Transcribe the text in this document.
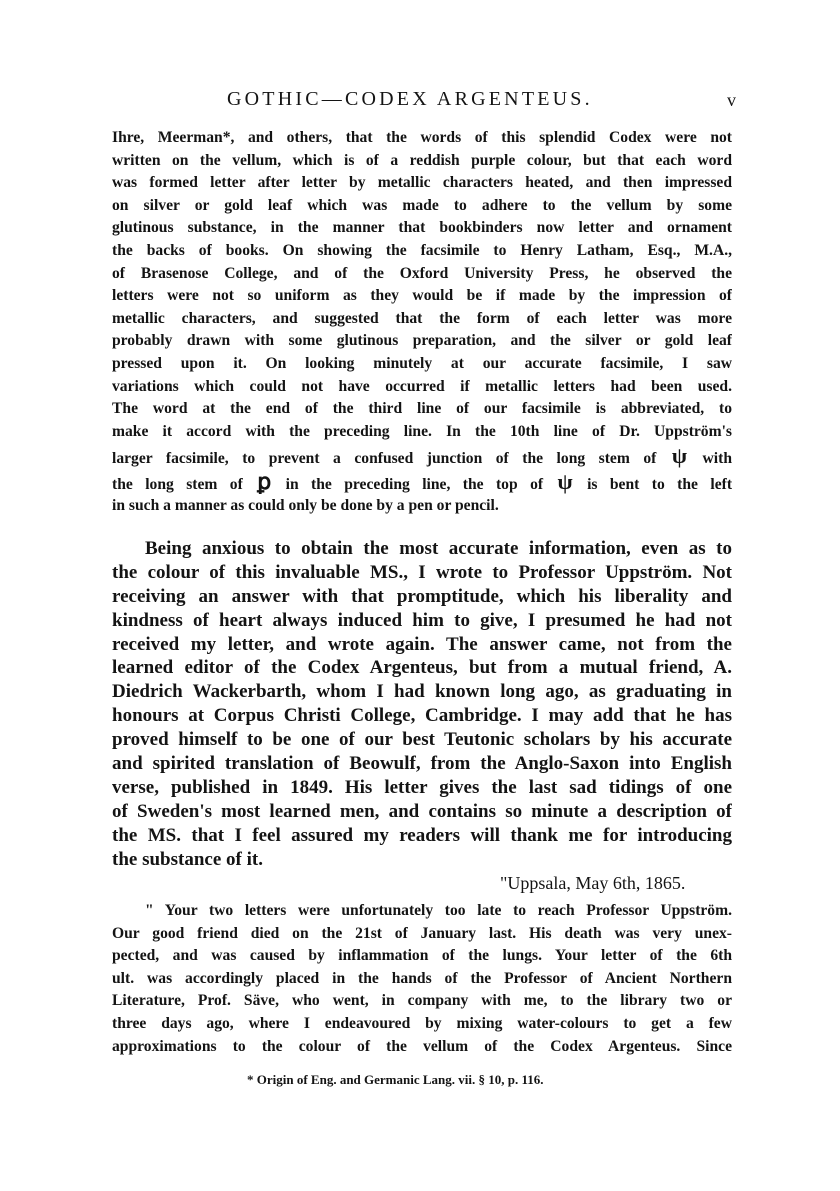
GOTHIC—CODEX ARGENTEUS.	v
Ihre, Meerman*, and others, that the words of this splendid Codex were not
written on the vellum, which is of a reddish purple colour, but that each word
was formed letter after letter by metallic characters heated, and then impressed
on silver or gold leaf which was made to adhere to the vellum by some
glutinous substance, in the manner that bookbinders now letter and ornament
the backs of books. On showing the facsimile to Henry Latham, Esq., M.A.,
of Brasenose College, and of the Oxford University Press, he observed the
letters were not so uniform as they would be if made by the impression of
metallic characters, and suggested that the form of each letter was more
probably drawn with some glutinous preparation, and the silver or gold leaf
pressed upon it. On looking minutely at our accurate facsimile, I saw
variations which could not have occurred if metallic letters had been used.
The word at the end of the third line of our facsimile is abbreviated, to
make it accord with the preceding line. In the 10th line of Dr. Uppström's
larger facsimile, to prevent a confused junction of the long stem of ψ with
the long stem of ꝑ in the preceding line, the top of ψ is bent to the left
in such a manner as could only be done by a pen or pencil.
Being anxious to obtain the most accurate information, even as to
the colour of this invaluable MS., I wrote to Professor Uppström. Not
receiving an answer with that promptitude, which his liberality and
kindness of heart always induced him to give, I presumed he had not
received my letter, and wrote again. The answer came, not from the
learned editor of the Codex Argenteus, but from a mutual friend, A.
Diedrich Wackerbarth, whom I had known long ago, as graduating in
honours at Corpus Christi College, Cambridge. I may add that he has
proved himself to be one of our best Teutonic scholars by his accurate
and spirited translation of Beowulf, from the Anglo-Saxon into English
verse, published in 1849. His letter gives the last sad tidings of one
of Sweden's most learned men, and contains so minute a description of
the MS. that I feel assured my readers will thank me for introducing
the substance of it.
"Uppsala, May 6th, 1865.
" Your two letters were unfortunately too late to reach Professor Uppström.
Our good friend died on the 21st of January last. His death was very unex-
pected, and was caused by inflammation of the lungs. Your letter of the 6th
ult. was accordingly placed in the hands of the Professor of Ancient Northern
Literature, Prof. Säve, who went, in company with me, to the library two or
three days ago, where I endeavoured by mixing water-colours to get a few
approximations to the colour of the vellum of the Codex Argenteus. Since
* Origin of Eng. and Germanic Lang. vii. § 10, p. 116.
